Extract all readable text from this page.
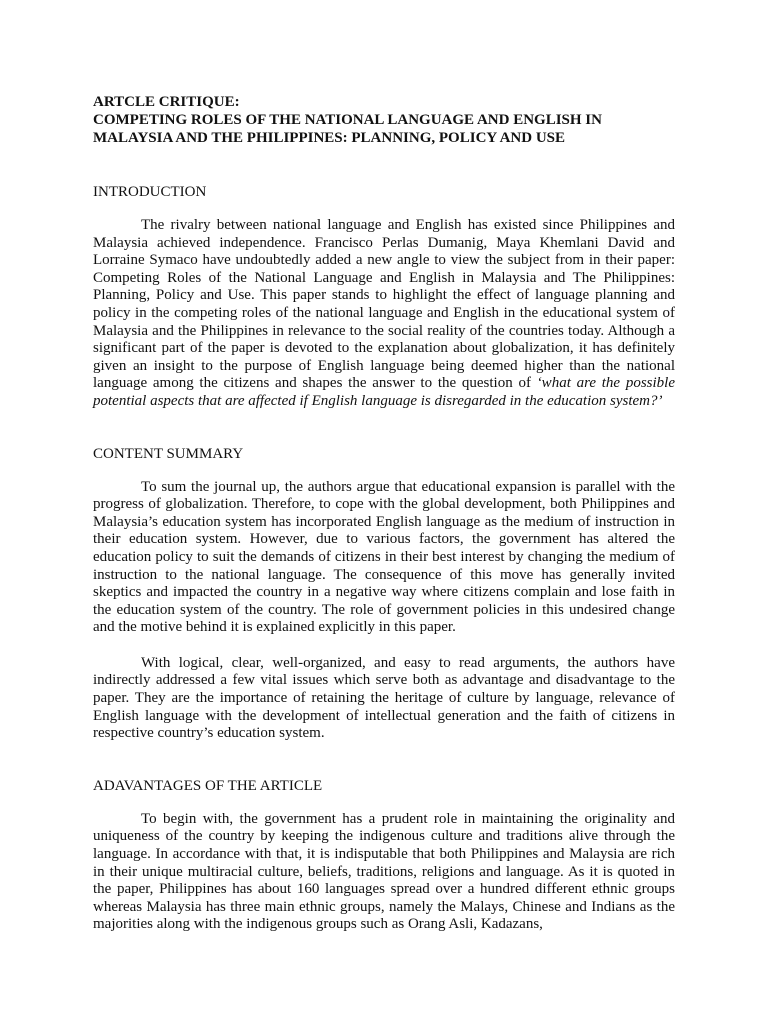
ARTCLE CRITIQUE:
COMPETING ROLES OF THE NATIONAL LANGUAGE AND ENGLISH IN
MALAYSIA AND THE PHILIPPINES: PLANNING, POLICY AND USE
INTRODUCTION

The rivalry between national language and English has existed since Philippines and Malaysia achieved independence. Francisco Perlas Dumanig, Maya Khemlani David and Lorraine Symaco have undoubtedly added a new angle to view the subject from in their paper: Competing Roles of the National Language and English in Malaysia and The Philippines: Planning, Policy and Use. This paper stands to highlight the effect of language planning and policy in the competing roles of the national language and English in the educational system of Malaysia and the Philippines in relevance to the social reality of the countries today. Although a significant part of the paper is devoted to the explanation about globalization, it has definitely given an insight to the purpose of English language being deemed higher than the national language among the citizens and shapes the answer to the question of ‘what are the possible potential aspects that are affected if English language is disregarded in the education system?’

CONTENT SUMMARY

To sum the journal up, the authors argue that educational expansion is parallel with the progress of globalization. Therefore, to cope with the global development, both Philippines and Malaysia’s education system has incorporated English language as the medium of instruction in their education system. However, due to various factors, the government has altered the education policy to suit the demands of citizens in their best interest by changing the medium of instruction to the national language. The consequence of this move has generally invited skeptics and impacted the country in a negative way where citizens complain and lose faith in the education system of the country. The role of government policies in this undesired change and the motive behind it is explained explicitly in this paper.

With logical, clear, well-organized, and easy to read arguments, the authors have indirectly addressed a few vital issues which serve both as advantage and disadvantage to the paper. They are the importance of retaining the heritage of culture by language, relevance of English language with the development of intellectual generation and the faith of citizens in respective country’s education system.

ADAVANTAGES OF THE ARTICLE

To begin with, the government has a prudent role in maintaining the originality and uniqueness of the country by keeping the indigenous culture and traditions alive through the language. In accordance with that, it is indisputable that both Philippines and Malaysia are rich in their unique multiracial culture, beliefs, traditions, religions and language. As it is quoted in the paper, Philippines has about 160 languages spread over a hundred different ethnic groups whereas Malaysia has three main ethnic groups, namely the Malays, Chinese and Indians as the majorities along with the indigenous groups such as Orang Asli, Kadazans,
